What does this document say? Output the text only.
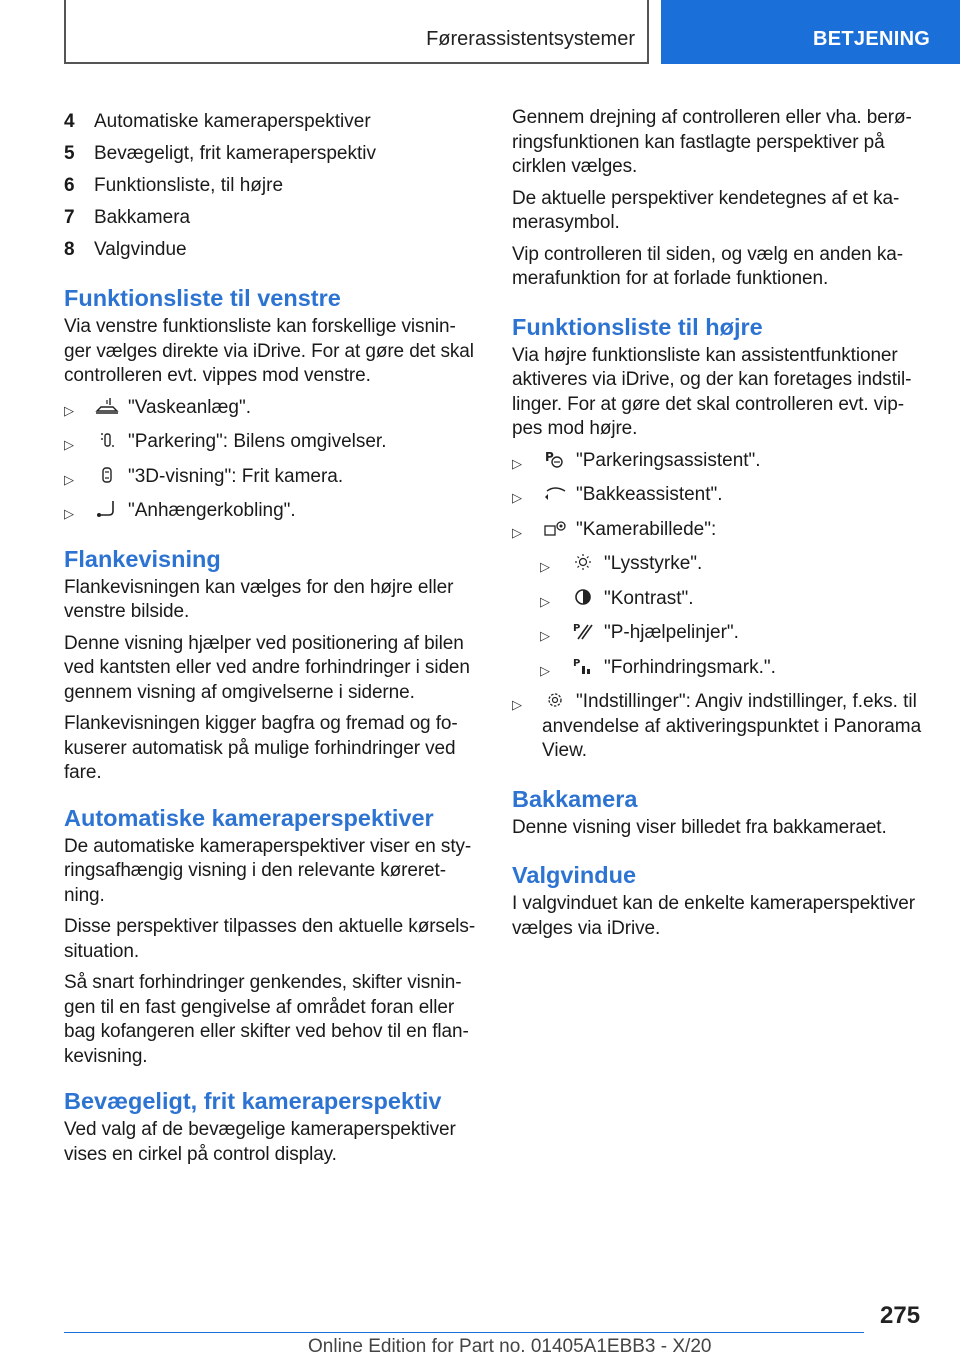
Førerassistentsystemer	BETJENING
4	Automatiske kameraperspektiver
5	Bevægeligt, frit kameraperspektiv
6	Funktionsliste, til højre
7	Bakkamera
8	Valgvindue
Funktionsliste til venstre

Via venstre funktionsliste kan forskellige visnin-ger vælges direkte via iDrive. For at gøre det skal controlleren evt. vippes mod venstre.

▷	"Vaskeanlæg".
▷	"Parkering": Bilens omgivelser.
▷	"3D-visning": Frit kamera.
▷	"Anhængerkobling".
Flankevisning

Flankevisningen kan vælges for den højre eller venstre bilside.

Denne visning hjælper ved positionering af bilen ved kantsten eller ved andre forhindringer i siden gennem visning af omgivelserne i siderne.

Flankevisningen kigger bagfra og fremad og fo-kuserer automatisk på mulige forhindringer ved fare.

Automatiske kameraperspektiver

De automatiske kameraperspektiver viser en sty-ringsafhængig visning i den relevante køreret-ning.

Disse perspektiver tilpasses den aktuelle kørsels-situation.

Så snart forhindringer genkendes, skifter visnin-gen til en fast gengivelse af området foran eller bag kofangeren eller skifter ved behov til en flan-kevisning.

Bevægeligt, frit kameraperspektiv

Ved valg af de bevægelige kameraperspektiver vises en cirkel på control display.

Gennem drejning af controlleren eller vha. berø-ringsfunktionen kan fastlagte perspektiver på cirklen vælges.

De aktuelle perspektiver kendetegnes af et ka-merasymbol.

Vip controlleren til siden, og vælg en anden ka-merafunktion for at forlade funktionen.

Funktionsliste til højre

Via højre funktionsliste kan assistentfunktioner aktiveres via iDrive, og der kan foretages indstil-linger. For at gøre det skal controlleren evt. vip-pes mod højre.

▷	P "Parkeringsassistent".
▷	"Bakkeassistent".
▷	"Kamerabillede":
▷	"Lysstyrke".
▷	"Kontrast".
▷	P "P-hjælpelinjer".
▷	P "Forhindringsmark.".
▷	"Indstillinger": Angiv indstillinger, f.eks. til anvendelse af aktiveringspunktet i Panorama View.
Bakkamera

Denne visning viser billedet fra bakkameraet.

Valgvindue

I valgvinduet kan de enkelte kameraperspektiver vælges via iDrive.

275
Online Edition for Part no. 01405A1EBB3 - X/20
